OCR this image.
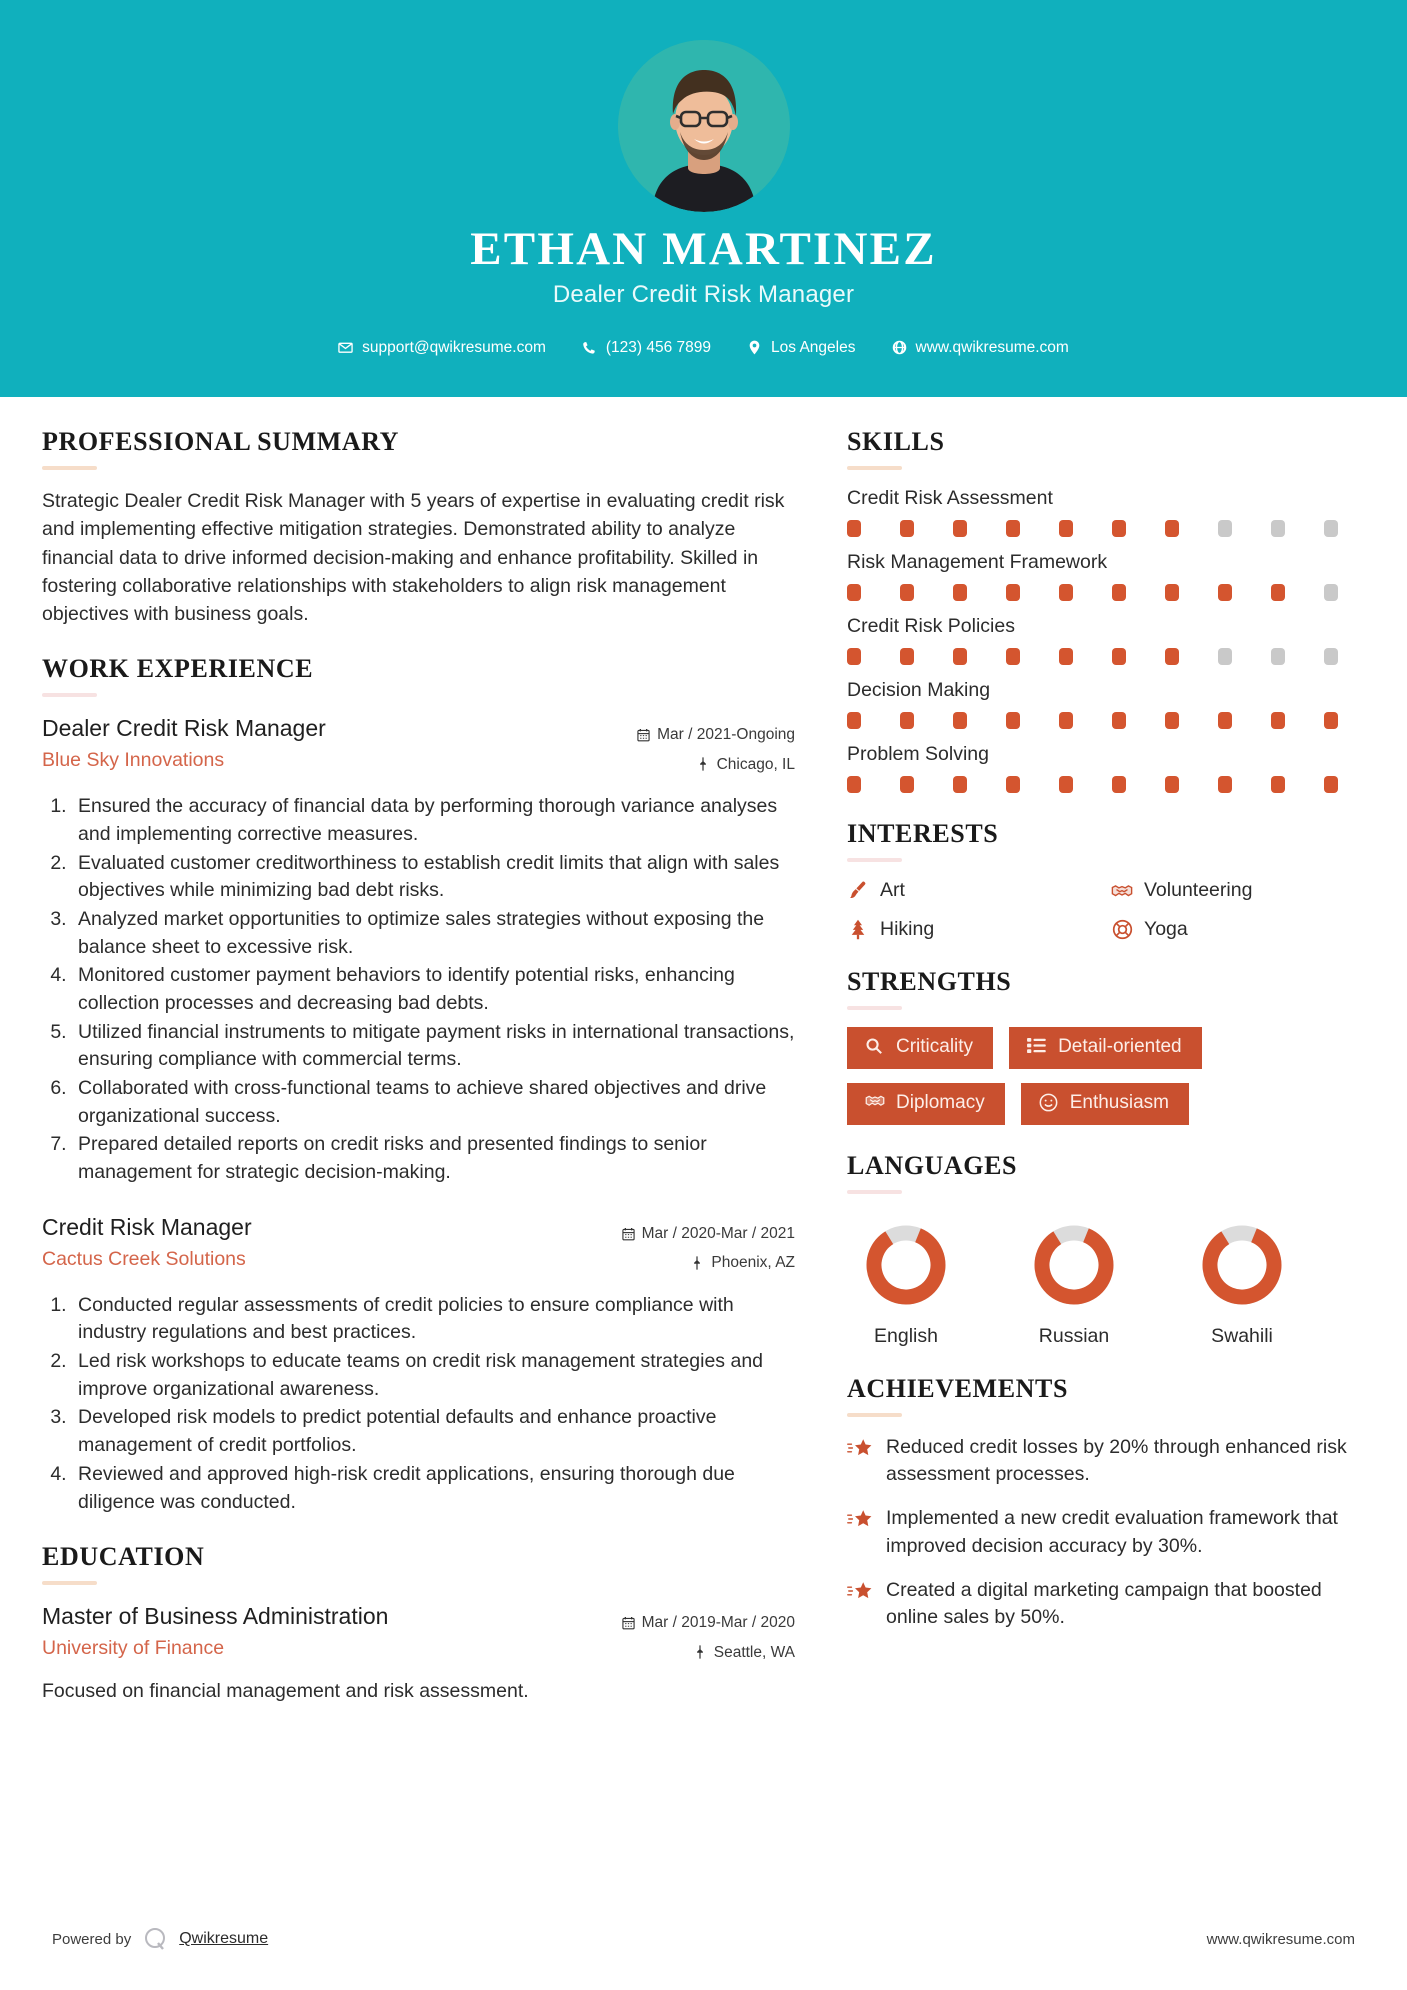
ETHAN MARTINEZ
Dealer Credit Risk Manager
support@qwikresume.com	(123) 456 7899	Los Angeles	www.qwikresume.com
PROFESSIONAL SUMMARY
Strategic Dealer Credit Risk Manager with 5 years of expertise in evaluating credit risk and implementing effective mitigation strategies. Demonstrated ability to analyze financial data to drive informed decision-making and enhance profitability. Skilled in fostering collaborative relationships with stakeholders to align risk management objectives with business goals.
WORK EXPERIENCE
Dealer Credit Risk Manager
Blue Sky Innovations
Mar / 2021-Ongoing
Chicago, IL
1. Ensured the accuracy of financial data by performing thorough variance analyses and implementing corrective measures.
2. Evaluated customer creditworthiness to establish credit limits that align with sales objectives while minimizing bad debt risks.
3. Analyzed market opportunities to optimize sales strategies without exposing the balance sheet to excessive risk.
4. Monitored customer payment behaviors to identify potential risks, enhancing collection processes and decreasing bad debts.
5. Utilized financial instruments to mitigate payment risks in international transactions, ensuring compliance with commercial terms.
6. Collaborated with cross-functional teams to achieve shared objectives and drive organizational success.
7. Prepared detailed reports on credit risks and presented findings to senior management for strategic decision-making.
Credit Risk Manager
Cactus Creek Solutions
Mar / 2020-Mar / 2021
Phoenix, AZ
1. Conducted regular assessments of credit policies to ensure compliance with industry regulations and best practices.
2. Led risk workshops to educate teams on credit risk management strategies and improve organizational awareness.
3. Developed risk models to predict potential defaults and enhance proactive management of credit portfolios.
4. Reviewed and approved high-risk credit applications, ensuring thorough due diligence was conducted.
EDUCATION
Master of Business Administration
University of Finance
Mar / 2019-Mar / 2020
Seattle, WA
Focused on financial management and risk assessment.
SKILLS
Credit Risk Assessment
Risk Management Framework
Credit Risk Policies
Decision Making
Problem Solving
INTERESTS
Art	Volunteering
Hiking	Yoga
STRENGTHS
Criticality	Detail-oriented
Diplomacy	Enthusiasm
LANGUAGES
English	Russian	Swahili
ACHIEVEMENTS
Reduced credit losses by 20% through enhanced risk assessment processes.
Implemented a new credit evaluation framework that improved decision accuracy by 30%.
Created a digital marketing campaign that boosted online sales by 50%.
Powered by	Qwikresume	www.qwikresume.com
